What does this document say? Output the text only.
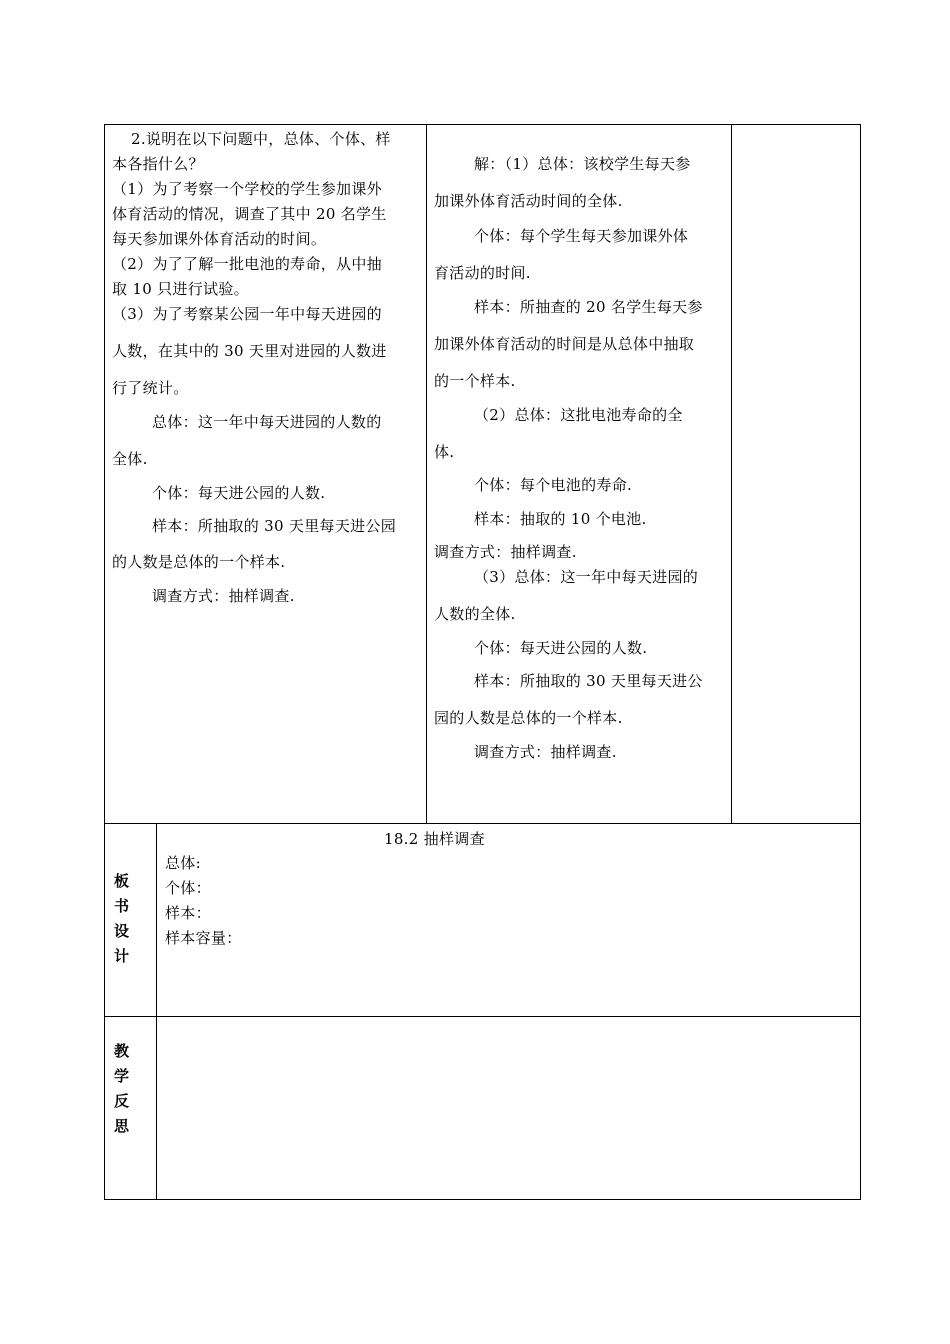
2.说明在以下问题中，总体、个体、样
本各指什么？
（1）为了考察一个学校的学生参加课外
体育活动的情况，调查了其中 20 名学生
每天参加课外体育活动的时间。
（2）为了了解一批电池的寿命，从中抽
取 10 只进行试验。
（3）为了考察某公园一年中每天进园的
人数，在其中的 30 天里对进园的人数进
行了统计。
总体：这一年中每天进园的人数的
全体.
个体：每天进公园的人数.
样本：所抽取的 30 天里每天进公园
的人数是总体的一个样本.
调查方式：抽样调查.
解：（1）总体：该校学生每天参
加课外体育活动时间的全体.
个体：每个学生每天参加课外体
育活动的时间.
样本：所抽查的 20 名学生每天参
加课外体育活动的时间是从总体中抽取
的一个样本.
（2）总体：这批电池寿命的全
体.
个体：每个电池的寿命.
样本：抽取的 10 个电池.
调查方式：抽样调查.
（3）总体：这一年中每天进园的
人数的全体.
个体：每天进公园的人数.
样本：所抽取的 30 天里每天进公
园的人数是总体的一个样本.
调查方式：抽样调查.
板
书
设
计
18.2 抽样调查
总体:
个体：
样本：
样本容量：
教
学
反
思
